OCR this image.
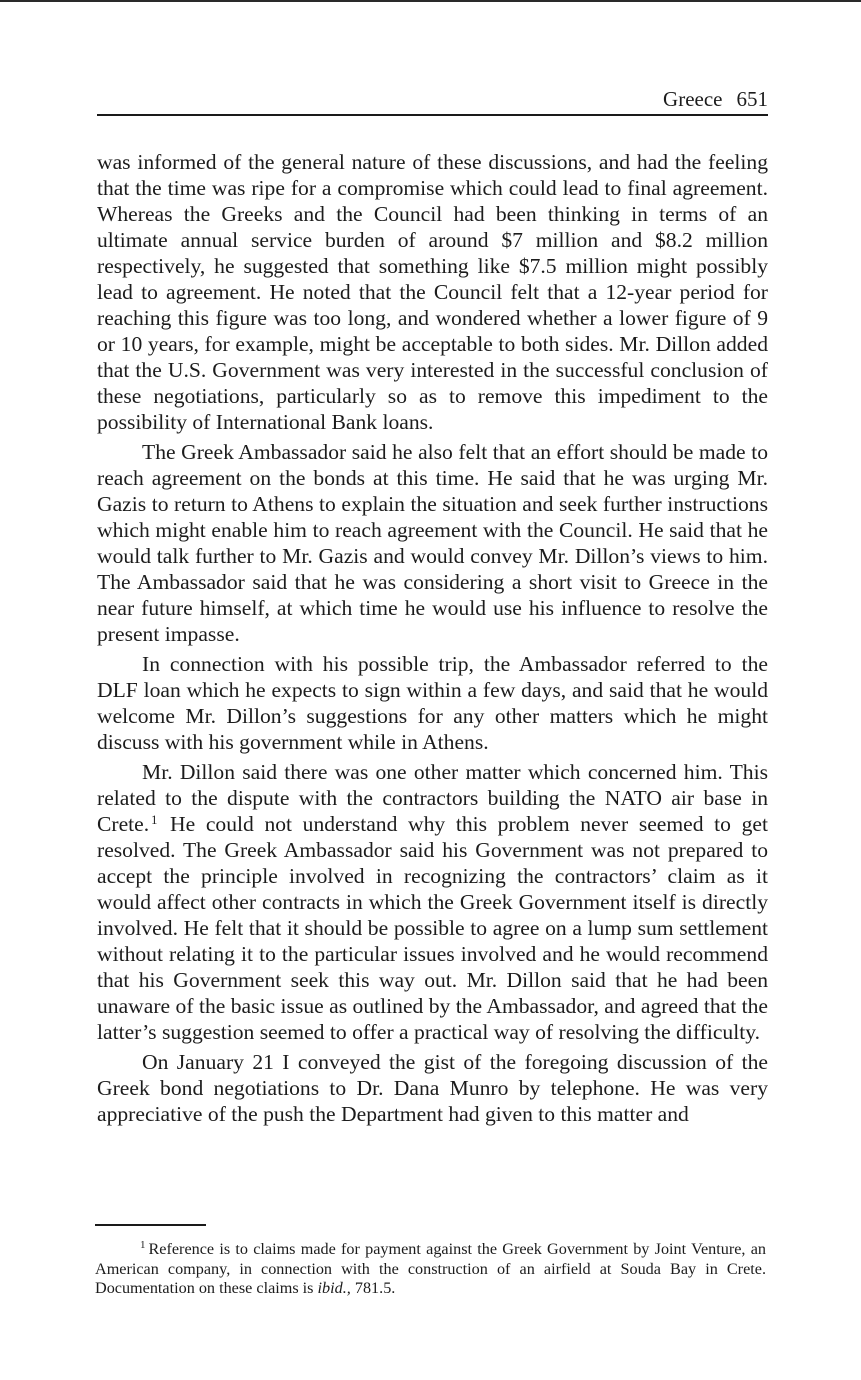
Greece 651

was informed of the general nature of these discussions, and had the feeling that the time was ripe for a compromise which could lead to final agreement. Whereas the Greeks and the Council had been thinking in terms of an ultimate annual service burden of around $7 million and $8.2 million respectively, he suggested that something like $7.5 million might possibly lead to agreement. He noted that the Council felt that a 12-year period for reaching this figure was too long, and wondered whether a lower figure of 9 or 10 years, for example, might be acceptable to both sides. Mr. Dillon added that the U.S. Government was very interested in the successful conclusion of these negotiations, particularly so as to remove this impediment to the possibility of International Bank loans.

The Greek Ambassador said he also felt that an effort should be made to reach agreement on the bonds at this time. He said that he was urging Mr. Gazis to return to Athens to explain the situation and seek further instructions which might enable him to reach agreement with the Council. He said that he would talk further to Mr. Gazis and would convey Mr. Dillon’s views to him. The Ambassador said that he was considering a short visit to Greece in the near future himself, at which time he would use his influence to resolve the present impasse.

In connection with his possible trip, the Ambassador referred to the DLF loan which he expects to sign within a few days, and said that he would welcome Mr. Dillon’s suggestions for any other matters which he might discuss with his government while in Athens.

Mr. Dillon said there was one other matter which concerned him. This related to the dispute with the contractors building the NATO air base in Crete. $^1$ He could not understand why this problem never seemed to get resolved. The Greek Ambassador said his Government was not prepared to accept the principle involved in recognizing the contractors’ claim as it would affect other contracts in which the Greek Government itself is directly involved. He felt that it should be possible to agree on a lump sum settlement without relating it to the particular issues involved and he would recommend that his Government seek this way out. Mr. Dillon said that he had been unaware of the basic issue as outlined by the Ambassador, and agreed that the latter’s suggestion seemed to offer a practical way of resolving the difficulty.

On January 21 I conveyed the gist of the foregoing discussion of the Greek bond negotiations to Dr. Dana Munro by telephone. He was very appreciative of the push the Department had given to this matter and

$^1$ Reference is to claims made for payment against the Greek Government by Joint Venture, an American company, in connection with the construction of an airfield at Souda Bay in Crete. Documentation on these claims is ibid., 781.5.
